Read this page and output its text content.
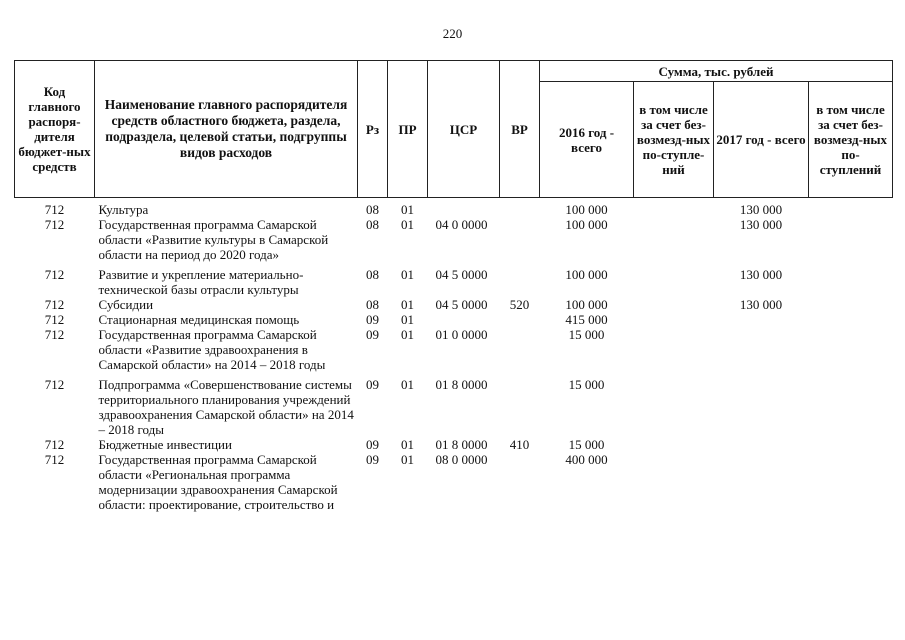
220
Код главного распоря-дителя бюджет-ных средств	Наименование главного распорядителя средств областного бюджета, раздела, подраздела, целевой статьи, подгруппы видов расходов	Рз	ПР	ЦСР	ВР	Сумма, тыс. рублей			
						2016 год - всего	в том числе за счет без-возмезд-ных по-ступле-ний	2017 год - всего	в том числе за счет без-возмезд-ных по-ступлений

712	Культура	08	01			100 000		130 000	
712	Государственная программа Самарской области «Развитие культуры в Самарской области на период до 2020 года»	08	01	04 0 0000		100 000		130 000	
712	Развитие и укрепление материально-технической базы отрасли культуры	08	01	04 5 0000		100 000		130 000	
712	Субсидии	08	01	04 5 0000	520	100 000		130 000	
712	Стационарная медицинская помощь	09	01			415 000			
712	Государственная программа Самарской области «Развитие здравоохранения в Самарской области» на 2014 – 2018 годы	09	01	01 0 0000		15 000			
712	Подпрограмма «Совершенствование системы территориального планирования учреждений здравоохранения Самарской области» на 2014 – 2018 годы	09	01	01 8 0000		15 000			
712	Бюджетные инвестиции	09	01	01 8 0000	410	15 000			
712	Государственная программа Самарской области «Региональная программа модернизации здравоохранения Самарской области: проектирование, строительство и	09	01	08 0 0000		400 000			
